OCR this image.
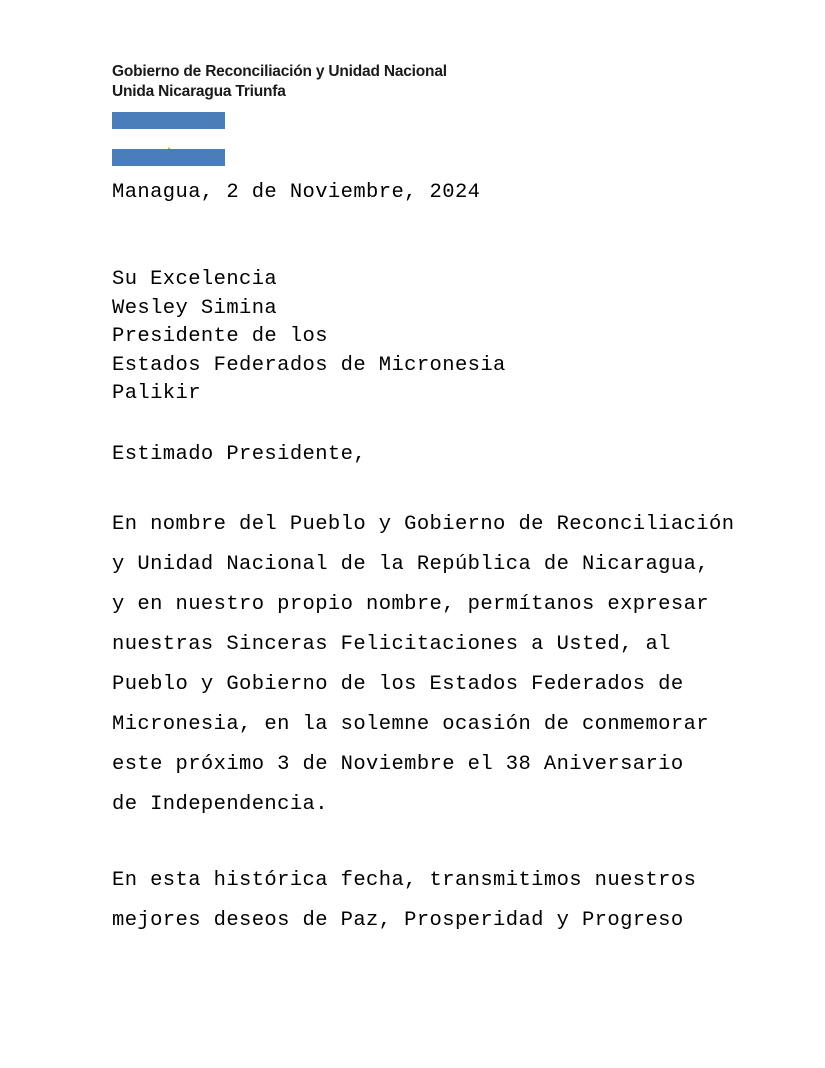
Gobierno de Reconciliación y Unidad Nacional
Unida Nicaragua Triunfa
Managua, 2 de Noviembre, 2024
Su Excelencia
Wesley Simina
Presidente de los
Estados Federados de Micronesia
Palikir
Estimado Presidente,
En nombre del Pueblo y Gobierno de Reconciliación
y Unidad Nacional de la República de Nicaragua,
y en nuestro propio nombre, permítanos expresar
nuestras Sinceras Felicitaciones a Usted, al
Pueblo y Gobierno de los Estados Federados de
Micronesia, en la solemne ocasión de conmemorar
este próximo 3 de Noviembre el 38 Aniversario
de Independencia.
En esta histórica fecha, transmitimos nuestros
mejores deseos de Paz, Prosperidad y Progreso
